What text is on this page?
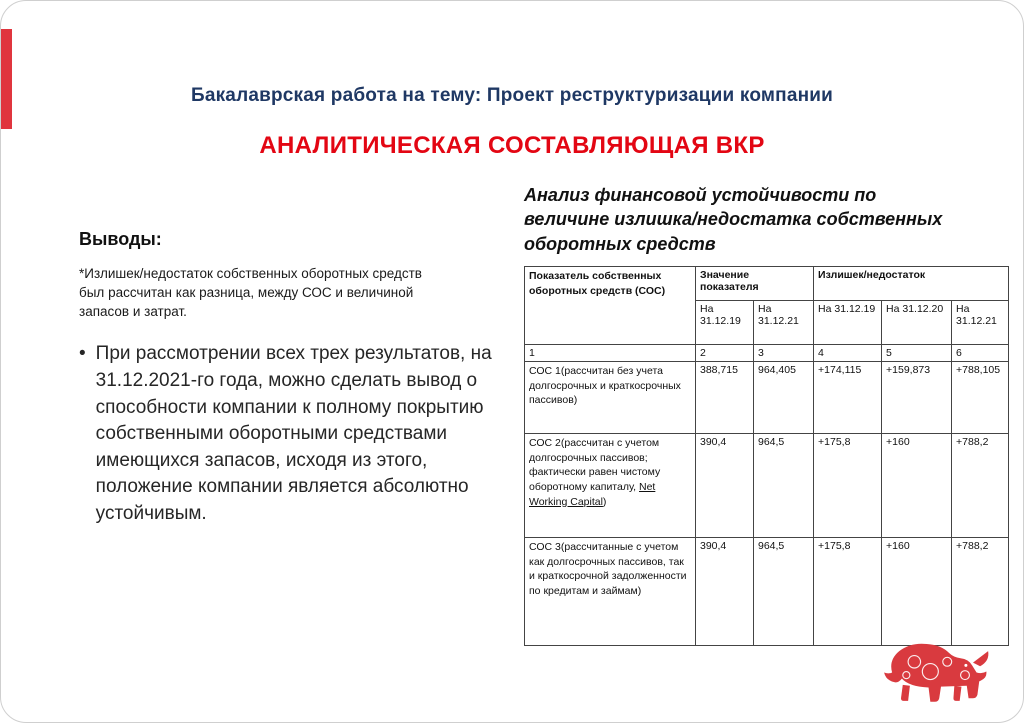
Бакалаврская работа на тему: Проект реструктуризации компании
АНАЛИТИЧЕСКАЯ СОСТАВЛЯЮЩАЯ ВКР

Выводы:

*Излишек/недостаток собственных оборотных средств был рассчитан как разница, между СОС и величиной запасов и затрат.

• При рассмотрении всех трех результатов, на 31.12.2021-го года, можно сделать вывод о способности компании к полному покрытию собственными оборотными средствами имеющихся запасов, исходя из этого, положение компании является абсолютно устойчивым.

Анализ финансовой устойчивости по величине излишка/недостатка собственных оборотных средств

Показатель собственных оборотных средств (СОС)	Значение показателя		Излишек/недостаток		
	На 31.12.19	На 31.12.21	На 31.12.19	На 31.12.20	На 31.12.21
1	2	3	4	5	6
СОС 1(рассчитан без учета долгосрочных и краткосрочных пассивов)	388,715	964,405	+174,115	+159,873	+788,105
СОС 2(рассчитан с учетом долгосрочных пассивов; фактически равен чистому оборотному капиталу, Net Working Capital)	390,4	964,5	+175,8	+160	+788,2
СОС 3(рассчитанные с учетом как долгосрочных пассивов, так и краткосрочной задолженности по кредитам и займам)	390,4	964,5	+175,8	+160	+788,2
